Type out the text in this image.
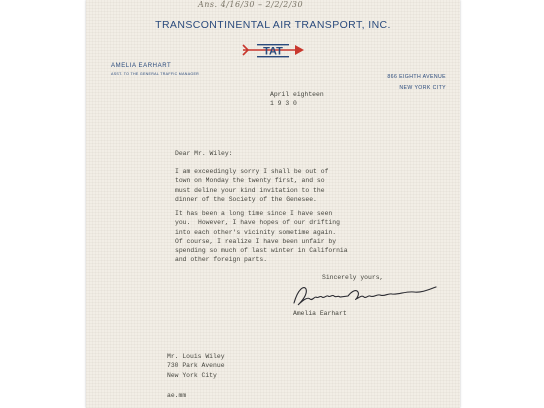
Ans. 4/16/30 – 2/2/2/30
TRANSCONTINENTAL AIR TRANSPORT, INC.
TAT
AMELIA EARHART
ASST. TO THE GENERAL TRAFFIC MANAGER	866 EIGHTH AVENUE
NEW YORK CITY
April eighteen
1 9 3 0
Dear Mr. Wiley:
I am exceedingly sorry I shall be out of
town on Monday the twenty first, and so
must deline your kind invitation to the
dinner of the Society of the Genesee.
It has been a long time since I have seen
you.  However, I have hopes of our drifting
into each other's vicinity sometime again.
Of course, I realize I have been unfair by
spending so much of last winter in California
and other foreign parts.
Sincerely yours,
Amelia Earhart
Mr. Louis Wiley
730 Park Avenue
New York City
ae.mm
